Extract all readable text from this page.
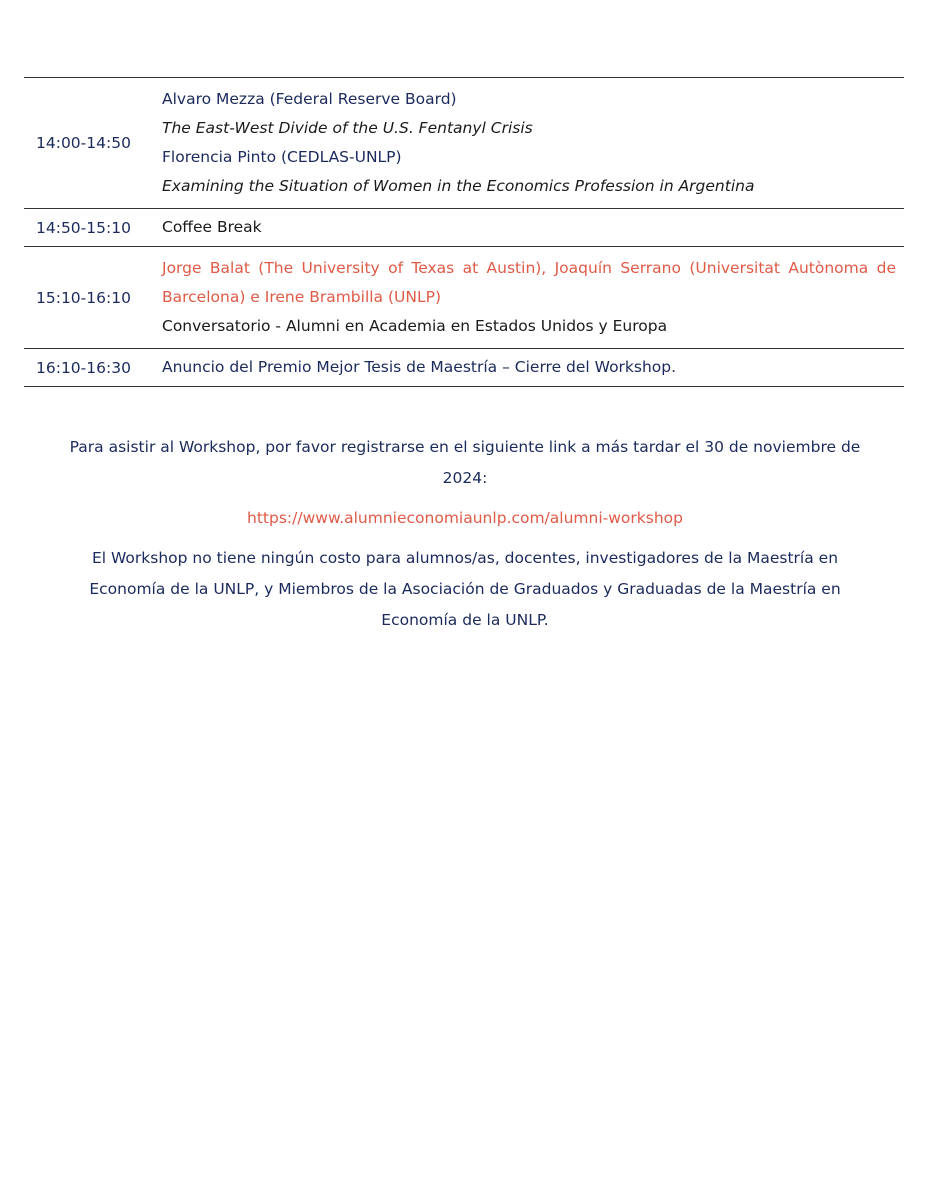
14:00-14:50	Alvaro Mezza (Federal Reserve Board)
The East-West Divide of the U.S. Fentanyl Crisis
Florencia Pinto (CEDLAS-UNLP)
Examining the Situation of Women in the Economics Profession in Argentina

14:50-15:10	Coffee Break

15:10-16:10	Jorge Balat (The University of Texas at Austin), Joaquín Serrano (Universitat Autònoma de Barcelona) e Irene Brambilla (UNLP)
Conversatorio - Alumni en Academia en Estados Unidos y Europa

16:10-16:30	Anuncio del Premio Mejor Tesis de Maestría – Cierre del Workshop.
Para asistir al Workshop, por favor registrarse en el siguiente link a más tardar el 30 de noviembre de 2024:
https://www.alumnieconomiaunlp.com/alumni-workshop
El Workshop no tiene ningún costo para alumnos/as, docentes, investigadores de la Maestría en Economía de la UNLP, y Miembros de la Asociación de Graduados y Graduadas de la Maestría en Economía de la UNLP.
